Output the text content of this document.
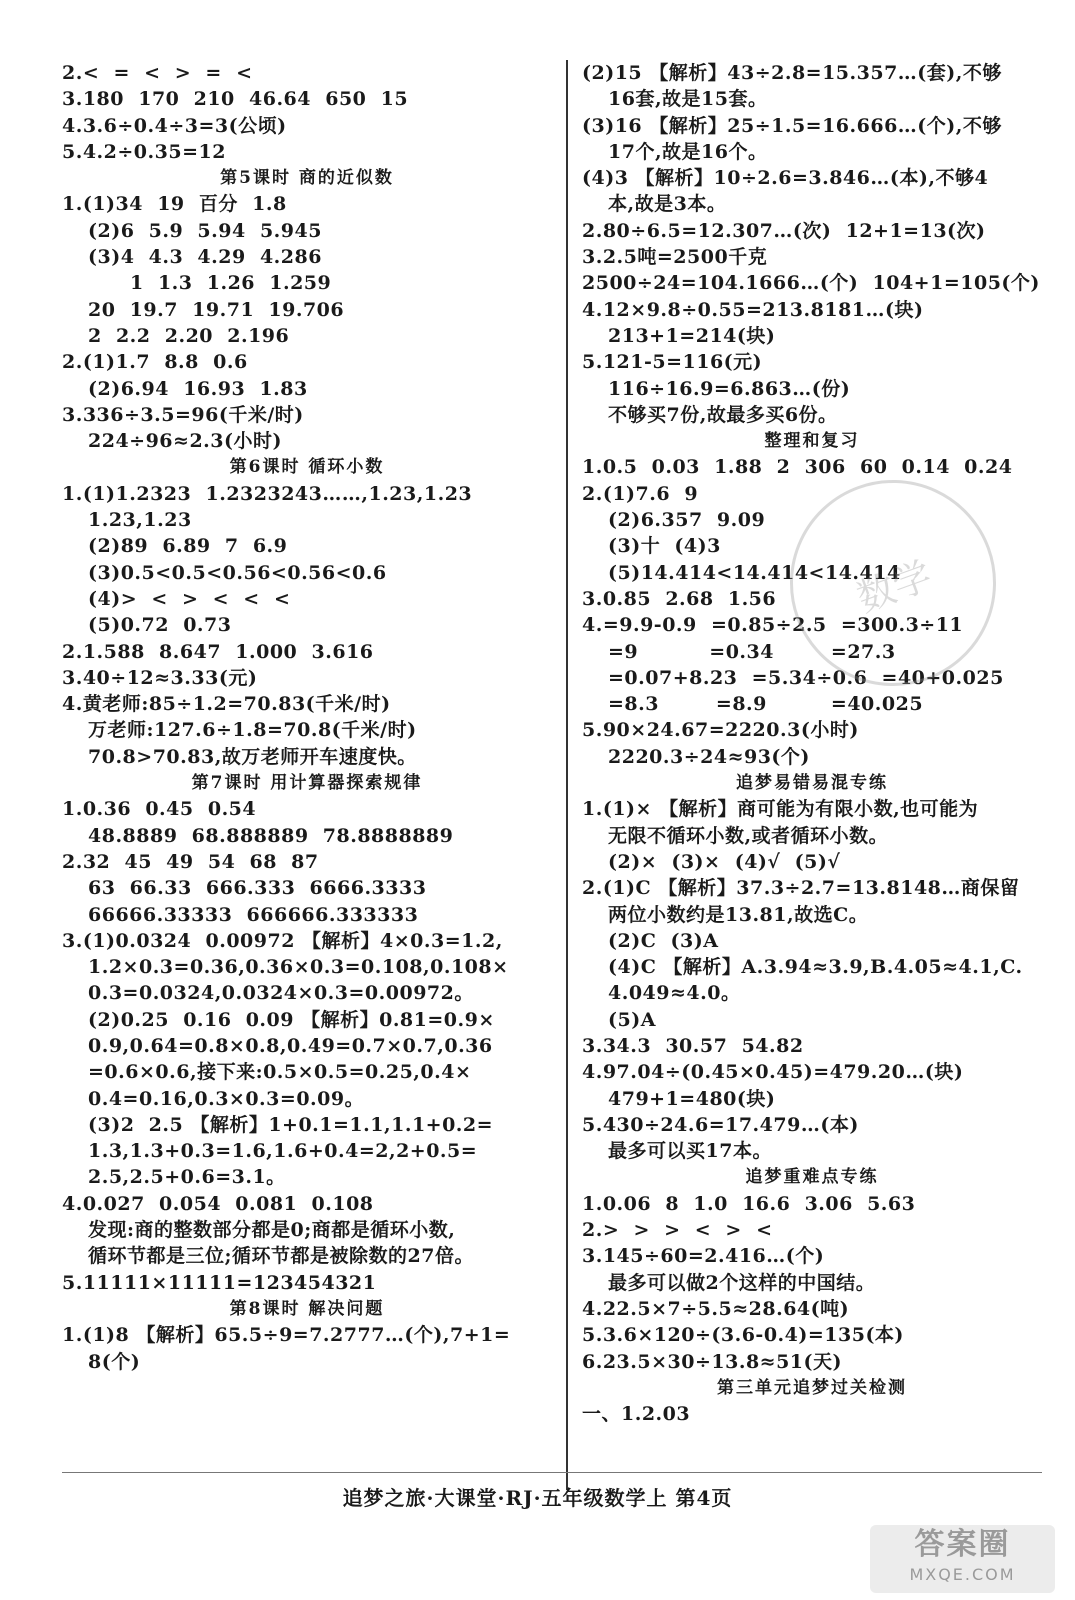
2.<  =  <  >  =  <
3.180  170  210  46.64  650  15
4.3.6÷0.4÷3=3(公顷)
5.4.2÷0.35=12
第5课时 商的近似数
1.(1)34  19  百分  1.8
(2)6  5.9  5.94  5.945
(3)4  4.3  4.29  4.286
1  1.3  1.26  1.259
20  19.7  19.71  19.706
2  2.2  2.20  2.196
2.(1)1.7  8.8  0.6
(2)6.94  16.93  1.83
3.336÷3.5=96(千米/时)
224÷96≈2.3(小时)
第6课时 循环小数
1.(1)1.2323  1.2323243……,1.23,1.23
1.23,1.23
(2)89  6.89  7  6.9
(3)0.5<0.5<0.56<0.56<0.6
(4)>  <  >  <  <  <
(5)0.72  0.73
2.1.588  8.647  1.000  3.616
3.40÷12≈3.33(元)
4.黄老师:85÷1.2=70.83(千米/时)
万老师:127.6÷1.8=70.8(千米/时)
70.8>70.83,故万老师开车速度快。
第7课时 用计算器探索规律
1.0.36  0.45  0.54
48.8889  68.888889  78.8888889
2.32  45  49  54  68  87
63  66.33  666.333  6666.3333
66666.33333  666666.333333
3.(1)0.0324  0.00972 【解析】4×0.3=1.2,
1.2×0.3=0.36,0.36×0.3=0.108,0.108×
0.3=0.0324,0.0324×0.3=0.00972。
(2)0.25  0.16  0.09 【解析】0.81=0.9×
0.9,0.64=0.8×0.8,0.49=0.7×0.7,0.36
=0.6×0.6,接下来:0.5×0.5=0.25,0.4×
0.4=0.16,0.3×0.3=0.09。
(3)2  2.5 【解析】1+0.1=1.1,1.1+0.2=
1.3,1.3+0.3=1.6,1.6+0.4=2,2+0.5=
2.5,2.5+0.6=3.1。
4.0.027  0.054  0.081  0.108
发现:商的整数部分都是0;商都是循环小数,
循环节都是三位;循环节都是被除数的27倍。
5.11111×11111=123454321
第8课时 解决问题
1.(1)8 【解析】65.5÷9=7.2777…(个),7+1=
8(个)
(2)15 【解析】43÷2.8=15.357…(套),不够
16套,故是15套。
(3)16 【解析】25÷1.5=16.666…(个),不够
17个,故是16个。
(4)3 【解析】10÷2.6=3.846…(本),不够4
本,故是3本。
2.80÷6.5=12.307…(次)  12+1=13(次)
3.2.5吨=2500千克
2500÷24=104.1666…(个)  104+1=105(个)
4.12×9.8÷0.55=213.8181…(块)
213+1=214(块)
5.121-5=116(元)
116÷16.9=6.863…(份)
不够买7份,故最多买6份。
整理和复习
1.0.5  0.03  1.88  2  306  60  0.14  0.24
2.(1)7.6  9
(2)6.357  9.09
(3)十  (4)3
(5)14.414<14.414<14.414
3.0.85  2.68  1.56
4.=9.9-0.9  =0.85÷2.5  =300.3÷11
=9          =0.34        =27.3
=0.07+8.23  =5.34÷0.6  =40+0.025
=8.3        =8.9         =40.025
5.90×24.67=2220.3(小时)
2220.3÷24≈93(个)
追梦易错易混专练
1.(1)× 【解析】商可能为有限小数,也可能为
无限不循环小数,或者循环小数。
(2)×  (3)×  (4)√  (5)√
2.(1)C 【解析】37.3÷2.7=13.8148…商保留
两位小数约是13.81,故选C。
(2)C  (3)A
(4)C 【解析】A.3.94≈3.9,B.4.05≈4.1,C.
4.049≈4.0。
(5)A
3.34.3  30.57  54.82
4.97.04÷(0.45×0.45)=479.20…(块)
479+1=480(块)
5.430÷24.6=17.479…(本)
最多可以买17本。
追梦重难点专练
1.0.06  8  1.0  16.6  3.06  5.63
2.>  >  >  <  >  <
3.145÷60=2.416…(个)
最多可以做2个这样的中国结。
4.22.5×7÷5.5≈28.64(吨)
5.3.6×120÷(3.6-0.4)=135(本)
6.23.5×30÷13.8≈51(天)
第三单元追梦过关检测
一、1.2.03
数学
追梦之旅·大课堂·RJ·五年级数学上 第4页
答案圈
MXQE.COM
